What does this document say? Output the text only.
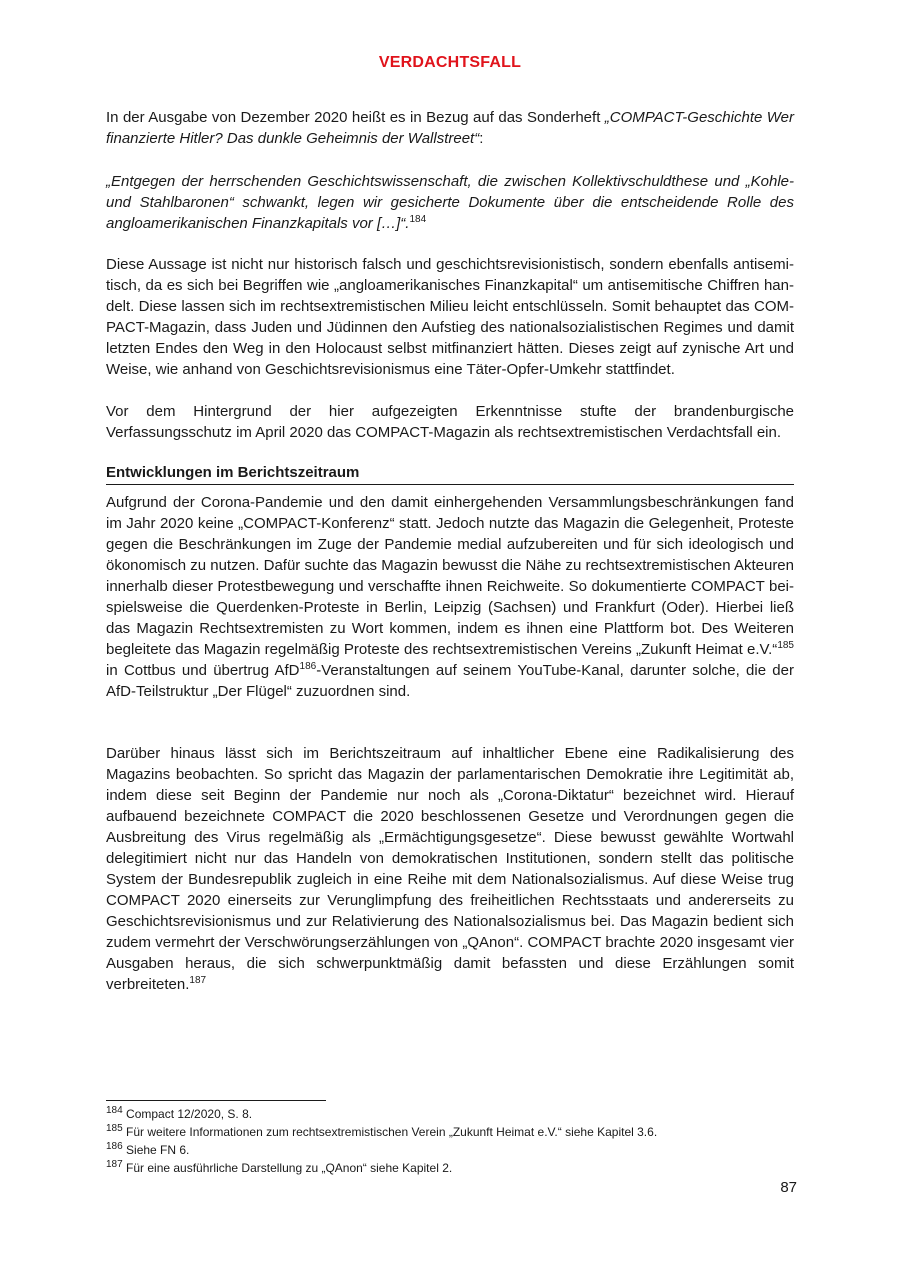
VERDACHTSFALL

In der Ausgabe von Dezember 2020 heißt es in Bezug auf das Sonderheft „COMPACT-Geschichte Wer finanzierte Hitler? Das dunkle Geheimnis der Wallstreet“:

„Entgegen der herrschenden Geschichtswissenschaft, die zwischen Kollektivschuldthese und „Kohle- und Stahlbaronen“ schwankt, legen wir gesicherte Dokumente über die entscheidende Rolle des angloamerikanischen Finanzkapitals vor […]“.$^{184}$

Diese Aussage ist nicht nur historisch falsch und geschichtsrevisionistisch, sondern ebenfalls antisemitisch, da es sich bei Begriffen wie „angloamerikanisches Finanzkapital“ um antisemitische Chiffren handelt. Diese lassen sich im rechtsextremistischen Milieu leicht entschlüsseln. Somit behauptet das COMPACT-Magazin, dass Juden und Jüdinnen den Aufstieg des nationalsozialistischen Regimes und damit letzten Endes den Weg in den Holocaust selbst mitfinanziert hätten. Dieses zeigt auf zynische Art und Weise, wie anhand von Geschichtsrevisionismus eine Täter-Opfer-Umkehr stattfindet.

Vor dem Hintergrund der hier aufgezeigten Erkenntnisse stufte der brandenburgische Verfassungsschutz im April 2020 das COMPACT-Magazin als rechtsextremistischen Verdachtsfall ein.

Entwicklungen im Berichtszeitraum

Aufgrund der Corona-Pandemie und den damit einhergehenden Versammlungsbeschränkungen fand im Jahr 2020 keine „COMPACT-Konferenz“ statt. Jedoch nutzte das Magazin die Gelegenheit, Proteste gegen die Beschränkungen im Zuge der Pandemie medial aufzubereiten und für sich ideologisch und ökonomisch zu nutzen. Dafür suchte das Magazin bewusst die Nähe zu rechtsextremistischen Akteuren innerhalb dieser Protestbewegung und verschaffte ihnen Reichweite. So dokumentierte COMPACT beispielsweise die Querdenken-Proteste in Berlin, Leipzig (Sachsen) und Frankfurt (Oder). Hierbei ließ das Magazin Rechtsextremisten zu Wort kommen, indem es ihnen eine Plattform bot. Des Weiteren begleitete das Magazin regelmäßig Proteste des rechtsextremistischen Vereins „Zukunft Heimat e.V.“$^{185}$ in Cottbus und übertrug AfD$^{186}$-Veranstaltungen auf seinem YouTube-Kanal, darunter solche, die der AfD-Teilstruktur „Der Flügel“ zuzuordnen sind.

Darüber hinaus lässt sich im Berichtszeitraum auf inhaltlicher Ebene eine Radikalisierung des Magazins beobachten. So spricht das Magazin der parlamentarischen Demokratie ihre Legitimität ab, indem diese seit Beginn der Pandemie nur noch als „Corona-Diktatur“ bezeichnet wird. Hierauf aufbauend bezeichnete COMPACT die 2020 beschlossenen Gesetze und Verordnungen gegen die Ausbreitung des Virus regelmäßig als „Ermächtigungsgesetze“. Diese bewusst gewählte Wortwahl delegitimiert nicht nur das Handeln von demokratischen Institutionen, sondern stellt das politische System der Bundesrepublik zugleich in eine Reihe mit dem Nationalsozialismus. Auf diese Weise trug COMPACT 2020 einerseits zur Verunglimpfung des freiheitlichen Rechtsstaats und andererseits zu Geschichtsrevisionismus und zur Relativierung des Nationalsozialismus bei. Das Magazin bedient sich zudem vermehrt der Verschwörungserzählungen von „QAnon“. COMPACT brachte 2020 insgesamt vier Ausgaben heraus, die sich schwerpunktmäßig damit befassten und diese Erzählungen somit verbreiteten.$^{187}$

$^{184}$ Compact 12/2020, S. 8.

$^{185}$ Für weitere Informationen zum rechtsextremistischen Verein „Zukunft Heimat e.V.“ siehe Kapitel 3.6.

$^{186}$ Siehe FN 6.

$^{187}$ Für eine ausführliche Darstellung zu „QAnon“ siehe Kapitel 2.

87
